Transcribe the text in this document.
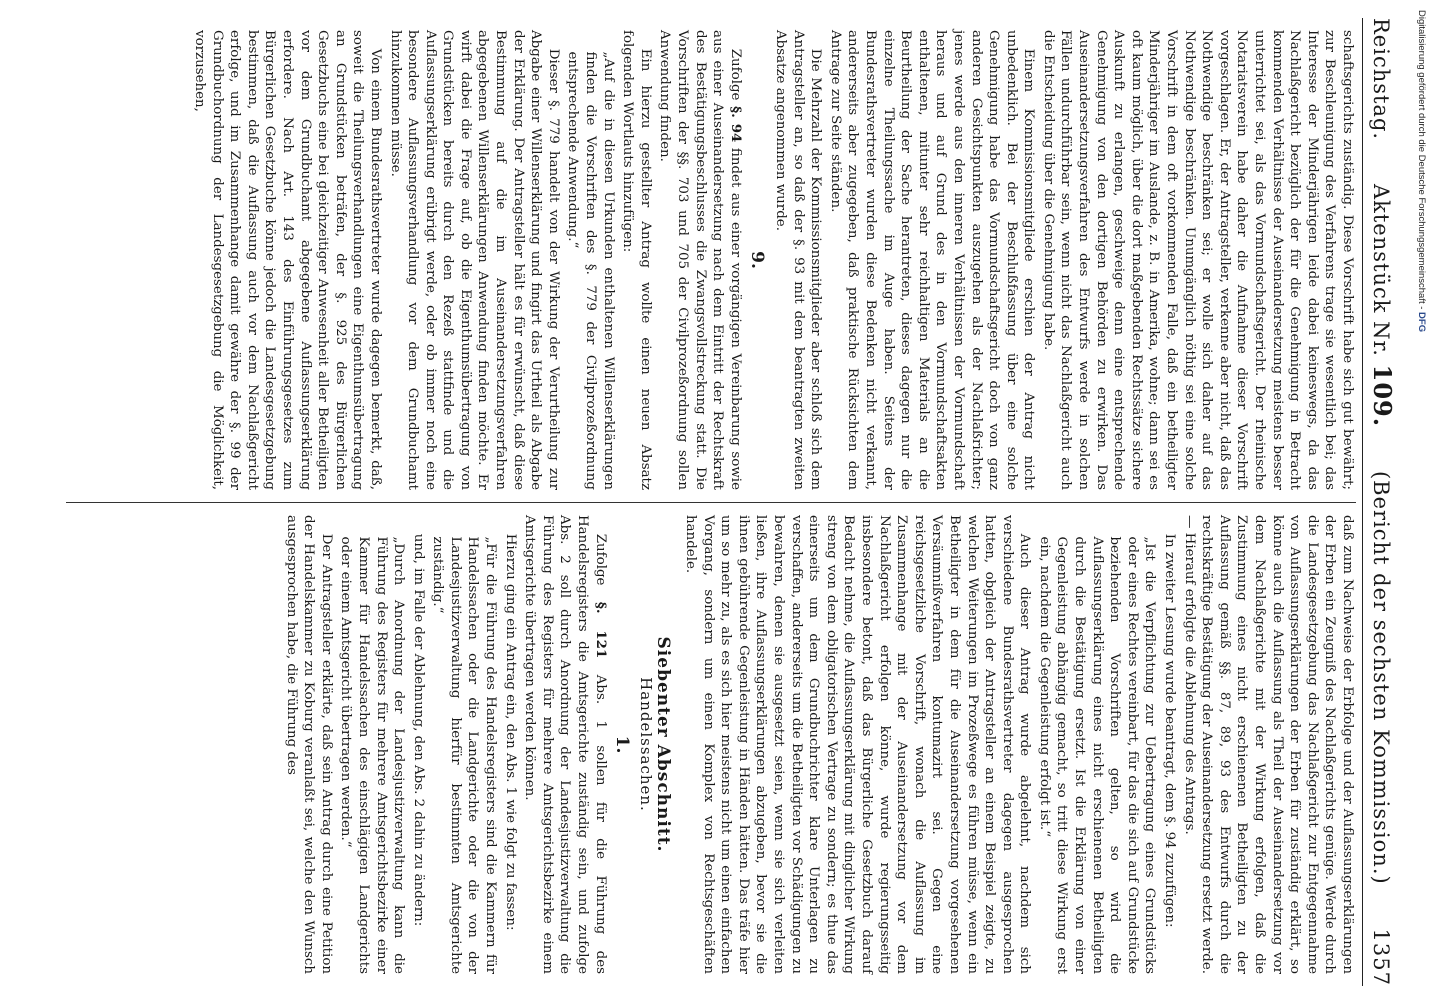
Reichstag.
Aktenstück Nr. 109.
(Bericht der sechsten Kommission.)
1357

schaftsgerichts zuständig. Diese Vorschrift habe sich gut bewährt; zur Beschleunigung des Verfahrens trage sie wesentlich bei; das Interesse der Minderjährigen leide dabei keineswegs, da das Nachlaßgericht bezüglich der für die Genehmigung in Betracht kommenden Verhältnisse der Auseinandersetzung meistens besser unterrichtet sei, als das Vormundschaftsgericht. Der rheinische Notariatsverein habe daher die Aufnahme dieser Vorschrift vorgeschlagen. Er, der Antragsteller, verkenne aber nicht, daß das Nothwendige beschränken sei; er wolle sich daher auf das Nothwendige beschränken. Unumgänglich nöthig sei eine solche Vorschrift in dem oft vorkommenden Falle, daß ein betheiligter Minderjähriger im Auslande, z. B. in Amerika, wohne; dann sei es oft kaum möglich, über die dort maßgebenden Rechtssätze sichere Auskunft zu erlangen, geschweige denn eine entsprechende Genehmigung von den dortigen Behörden zu erwirken. Das Auseinandersetzungsverfahren des Entwurfs werde in solchen Fällen undurchführbar sein, wenn nicht das Nachlaßgericht auch die Entscheidung über die Genehmigung habe.

Einem Kommissionsmitgliede erschien der Antrag nicht unbedenklich. Bei der Beschlußfassung über eine solche Genehmigung habe das Vormundschaftsgericht doch von ganz anderen Gesichtspunkten auszugehen als der Nachlaßrichter; jenes werde aus den inneren Verhältnissen der Vormundschaft heraus und auf Grund des in den Vormundschaftsakten enthaltenen, mitunter sehr reichhaltigen Materials an die Beurtheilung der Sache herantreten, dieses dagegen nur die einzelne Theilungssache im Auge haben. Seitens der Bundesrathsvertreter wurden diese Bedenken nicht verkannt, andererseits aber zugegeben, daß praktische Rücksichten dem Antrage zur Seite ständen.

Die Mehrzahl der Kommissionsmitglieder aber schloß sich dem Antragsteller an, so daß der §. 93 mit dem beantragten zweiten Absatze angenommen wurde.

9.

Zufolge §. 94 findet aus einer vorgängigen Vereinbarung sowie aus einer Auseinandersetzung nach dem Eintritt der Rechtskraft des Bestätigungsbeschlusses die Zwangsvollstreckung statt. Die Vorschriften der §§. 703 und 705 der Civilprozeßordnung sollen Anwendung finden.

Ein hierzu gestellter Antrag wollte einen neuen Absatz folgenden Wortlauts hinzufügen:

„Auf die in diesen Urkunden enthaltenen Willenserklärungen finden die Vorschriften des §. 779 der Civilprozeßordnung entsprechende Anwendung.“

Dieser §. 779 handelt von der Wirkung der Verurtheilung zur Abgabe einer Willenserklärung und fingirt das Urtheil als Abgabe der Erklärung. Der Antragsteller hält es für erwünscht, daß diese Bestimmung auf die im Auseinandersetzungsverfahren abgegebenen Willenserklärungen Anwendung finden möchte. Er wirft dabei die Frage auf, ob die Eigenthumsübertragung von Grundstücken bereits durch den Rezeß stattfinde und die Auflassungserklärung erübrigt werde, oder ob immer noch eine besondere Auflassungsverhandlung vor dem Grundbuchamt hinzukommen müsse.

Von einem Bundesrathsvertreter wurde dagegen bemerkt, daß, soweit die Theilungsverhandlungen eine Eigenthumsübertragung an Grundstücken beträfen, der §. 925 des Bürgerlichen Gesetzbuchs eine bei gleichzeitiger Anwesenheit aller Betheiligten vor dem Grundbuchamt abgegebene Auflassungserklärung erfordere. Nach Art. 143 des Einführungsgesetzes zum Bürgerlichen Gesetzbuche könne jedoch die Landesgesetzgebung bestimmen, daß die Auflassung auch vor dem Nachlaßgericht erfolge, und im Zusammenhange damit gewähre der §. 99 der Grundbuchordnung der Landesgesetzgebung die Möglichkeit, vorzusehen,

daß zum Nachweise der Erbfolge und der Auflassungserklärungen der Erben ein Zeugniß des Nachlaßgerichts genüge. Werde durch die Landesgesetzgebung das Nachlaßgericht zur Entgegennahme von Auflassungserklärungen der Erben für zuständig erklärt, so könne auch die Auflassung als Theil der Auseinandersetzung vor dem Nachlaßgerichte mit der Wirkung erfolgen, daß die Zustimmung eines nicht erschienenen Betheiligten zu der Auflassung gemäß §§. 87, 89, 93 des Entwurfs durch die rechtskräftige Bestätigung der Auseinandersetzung ersetzt werde. — Hierauf erfolgte die Ablehnung des Antrags.

In zweiter Lesung wurde beantragt, dem §. 94 zuzufügen:

„Ist die Verpflichtung zur Uebertragung eines Grundstücks oder eines Rechtes vereinbart, für das die sich auf Grundstücke beziehenden Vorschriften gelten, so wird die Auflassungserklärung eines nicht erschienenen Betheiligten durch die Bestätigung ersetzt. Ist die Erklärung von einer Gegenleistung abhängig gemacht, so tritt diese Wirkung erst ein, nachdem die Gegenleistung erfolgt ist.“

Auch dieser Antrag wurde abgelehnt, nachdem sich verschiedene Bundesrathsvertreter dagegen ausgesprochen hatten, obgleich der Antragsteller an einem Beispiel zeigte, zu welchen Weiterungen im Prozeßwege es führen müsse, wenn ein Betheiligter in dem für die Auseinandersetzung vorgesehenen Versäumnißverfahren kontumazirt sei. Gegen eine reichsgesetzliche Vorschrift, wonach die Auflassung im Zusammenhange mit der Auseinandersetzung vor dem Nachlaßgericht erfolgen könne, wurde regierungsseitig insbesondere betont, daß das Bürgerliche Gesetzbuch darauf Bedacht nehme, die Auflassungserklärung mit dinglicher Wirkung streng von dem obligatorischen Vertrage zu sondern; es thue das einerseits um dem Grundbuchrichter klare Unterlagen zu verschaffen, andererseits um die Betheiligten vor Schädigungen zu bewahren, denen sie ausgesetzt seien, wenn sie sich verleiten ließen, ihre Auflassungserklärungen abzugeben, bevor sie die ihnen gebührende Gegenleistung in Händen hätten. Das träfe hier um so mehr zu, als es sich hier meistens nicht um einen einfachen Vorgang, sondern um einen Komplex von Rechtsgeschäften handele.

Siebenter Abschnitt.
Handelssachen.
1.

Zufolge §. 121 Abs. 1 sollen für die Führung des Handelsregisters die Amtsgerichte zuständig sein, und zufolge Abs. 2 soll durch Anordnung der Landesjustizverwaltung die Führung des Registers für mehrere Amtsgerichtsbezirke einem Amtsgerichte übertragen werden können.

Hierzu ging ein Antrag ein, den Abs. 1 wie folgt zu fassen:

„Für die Führung des Handelsregisters sind die Kammern für Handelssachen oder die Landgerichte oder die von der Landesjustizverwaltung hierfür bestimmten Amtsgerichte zuständig.“

und, im Falle der Ablehnung, den Abs. 2 dahin zu ändern:

„Durch Anordnung der Landesjustizverwaltung kann die Führung des Registers für mehrere Amtsgerichtsbezirke einer Kammer für Handelssachen des einschlägigen Landgerichts oder einem Amtsgericht übertragen werden.“

Der Antragsteller erklärte, daß sein Antrag durch eine Petition der Handelskammer zu Koburg veranlaßt sei, welche den Wunsch ausgesprochen habe, die Führung des

Digitalisierung gefördert durch die Deutsche Forschungsgemeinschaft - DFG
